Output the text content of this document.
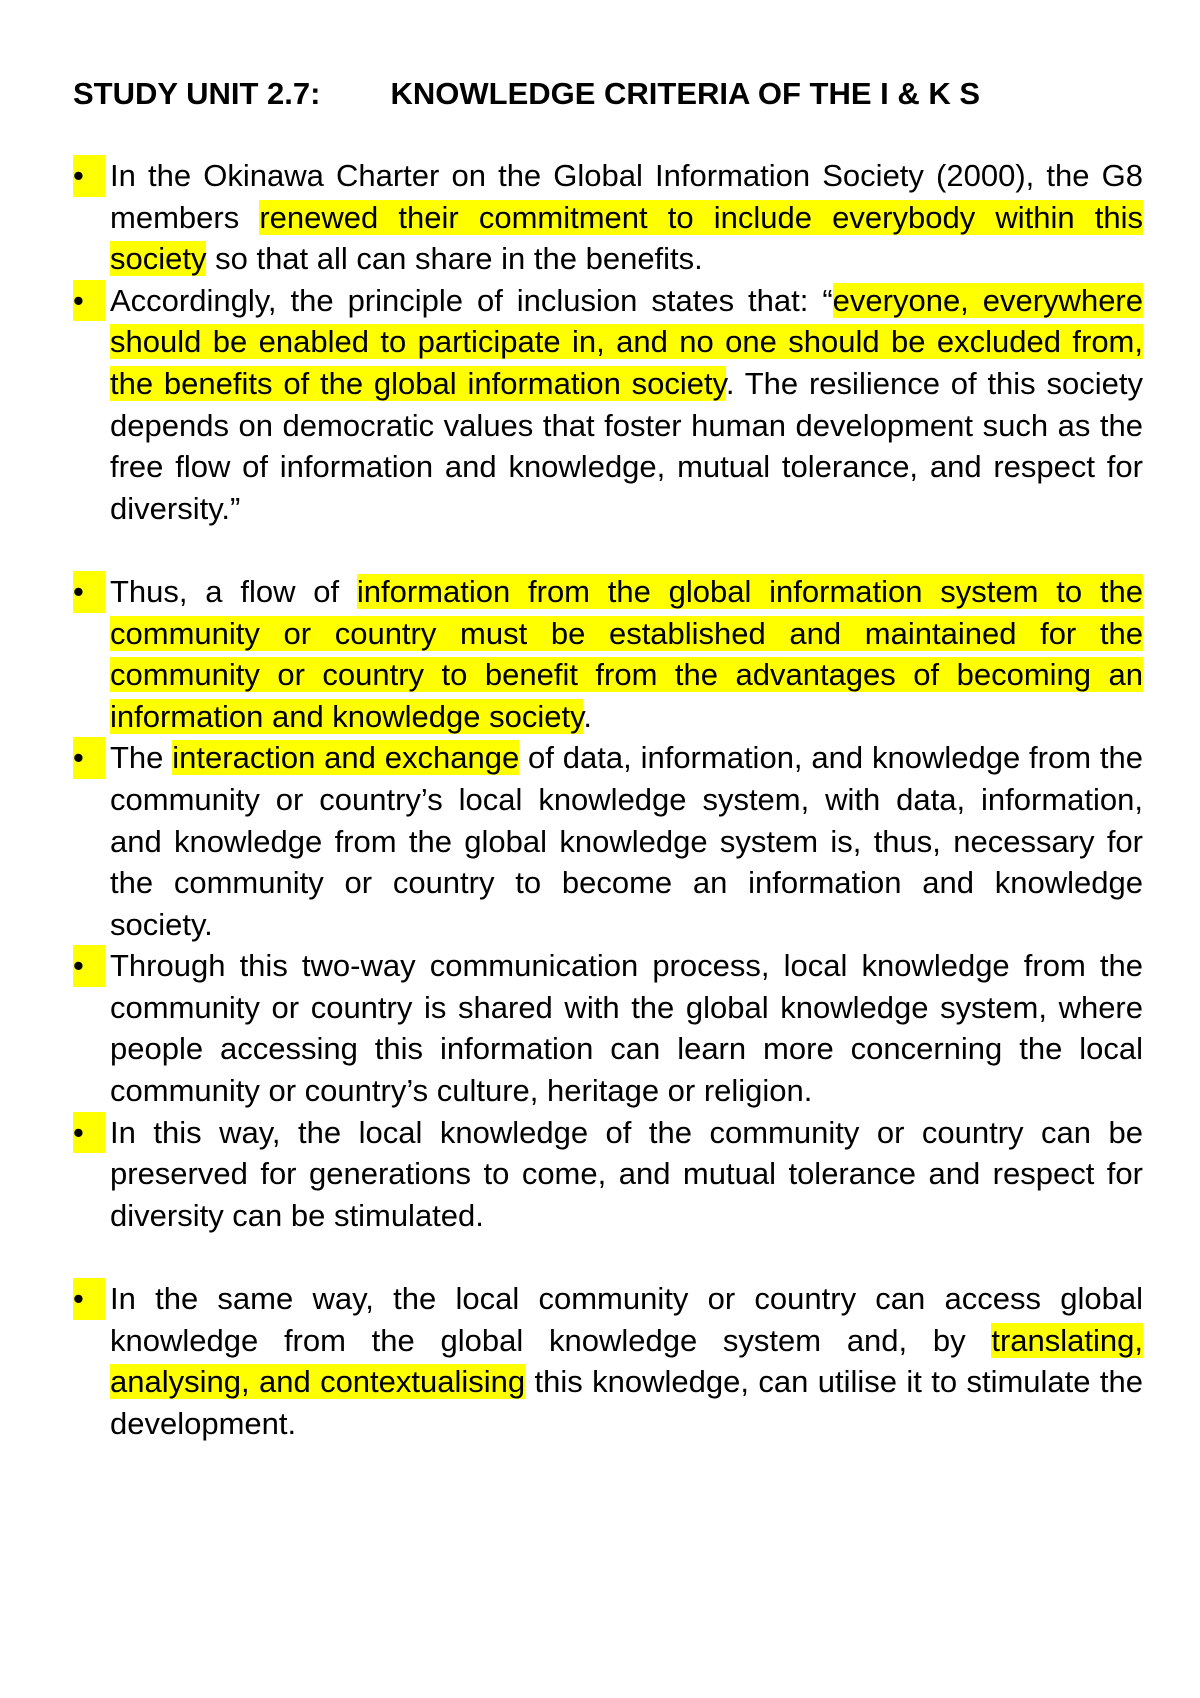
STUDY UNIT 2.7: KNOWLEDGE CRITERIA OF THE I & K S
• In the Okinawa Charter on the Global Information Society (2000), the G8 members renewed their commitment to include everybody within this society so that all can share in the benefits.
• Accordingly, the principle of inclusion states that: “everyone, everywhere should be enabled to participate in, and no one should be excluded from, the benefits of the global information society. The resilience of this society depends on democratic values that foster human development such as the free flow of information and knowledge, mutual tolerance, and respect for diversity.”
• Thus, a flow of information from the global information system to the community or country must be established and maintained for the community or country to benefit from the advantages of becoming an information and knowledge society.
• The interaction and exchange of data, information, and knowledge from the community or country’s local knowledge system, with data, information, and knowledge from the global knowledge system is, thus, necessary for the community or country to become an information and knowledge society.
• Through this two-way communication process, local knowledge from the community or country is shared with the global knowledge system, where people accessing this information can learn more concerning the local community or country’s culture, heritage or religion.
• In this way, the local knowledge of the community or country can be preserved for generations to come, and mutual tolerance and respect for diversity can be stimulated.
• In the same way, the local community or country can access global knowledge from the global knowledge system and, by translating, analysing, and contextualising this knowledge, can utilise it to stimulate the development.
